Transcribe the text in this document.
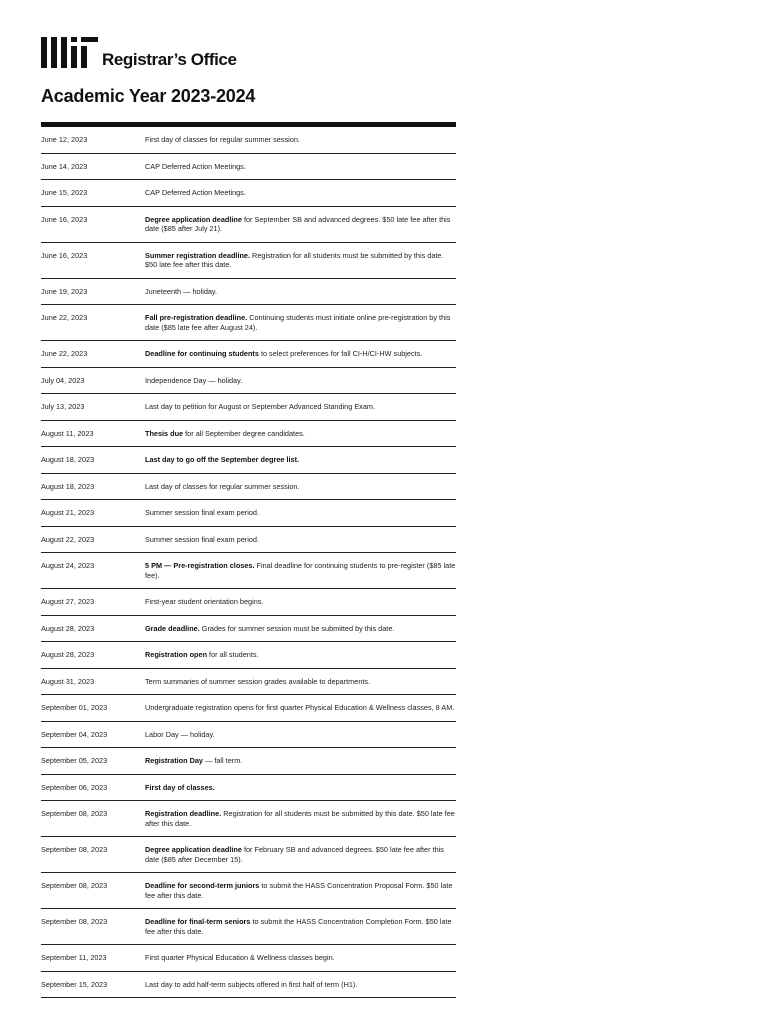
Registrar’s Office
Academic Year 2023-2024
June 12, 2023	First day of classes for regular summer session.
June 14, 2023	CAP Deferred Action Meetings.
June 15, 2023	CAP Deferred Action Meetings.
June 16, 2023	Degree application deadline for September SB and advanced degrees. $50 late fee after this date ($85 after July 21).
June 16, 2023	Summer registration deadline. Registration for all students must be submitted by this date. $50 late fee after this date.
June 19, 2023	Juneteenth — holiday.
June 22, 2023	Fall pre-registration deadline. Continuing students must initiate online pre-registration by this date ($85 late fee after August 24).
June 22, 2023	Deadline for continuing students to select preferences for fall CI-H/CI-HW subjects.
July 04, 2023	Independence Day — holiday.
July 13, 2023	Last day to petition for August or September Advanced Standing Exam.
August 11, 2023	Thesis due for all September degree candidates.
August 18, 2023	Last day to go off the September degree list.
August 18, 2023	Last day of classes for regular summer session.
August 21, 2023	Summer session final exam period.
August 22, 2023	Summer session final exam period.
August 24, 2023	5 PM — Pre-registration closes. Final deadline for continuing students to pre-register ($85 late fee).
August 27, 2023	First-year student orientation begins.
August 28, 2023	Grade deadline. Grades for summer session must be submitted by this date.
August 28, 2023	Registration open for all students.
August 31, 2023	Term summaries of summer session grades available to departments.
September 01, 2023	Undergraduate registration opens for first quarter Physical Education & Wellness classes, 8 AM.
September 04, 2023	Labor Day — holiday.
September 05, 2023	Registration Day — fall term.
September 06, 2023	First day of classes.
September 08, 2023	Registration deadline. Registration for all students must be submitted by this date. $50 late fee after this date.
September 08, 2023	Degree application deadline for February SB and advanced degrees. $50 late fee after this date ($85 after December 15).
September 08, 2023	Deadline for second-term juniors to submit the HASS Concentration Proposal Form. $50 late fee after this date.
September 08, 2023	Deadline for final-term seniors to submit the HASS Concentration Completion Form. $50 late fee after this date.
September 11, 2023	First quarter Physical Education & Wellness classes begin.
September 15, 2023	Last day to add half-term subjects offered in first half of term (H1).
